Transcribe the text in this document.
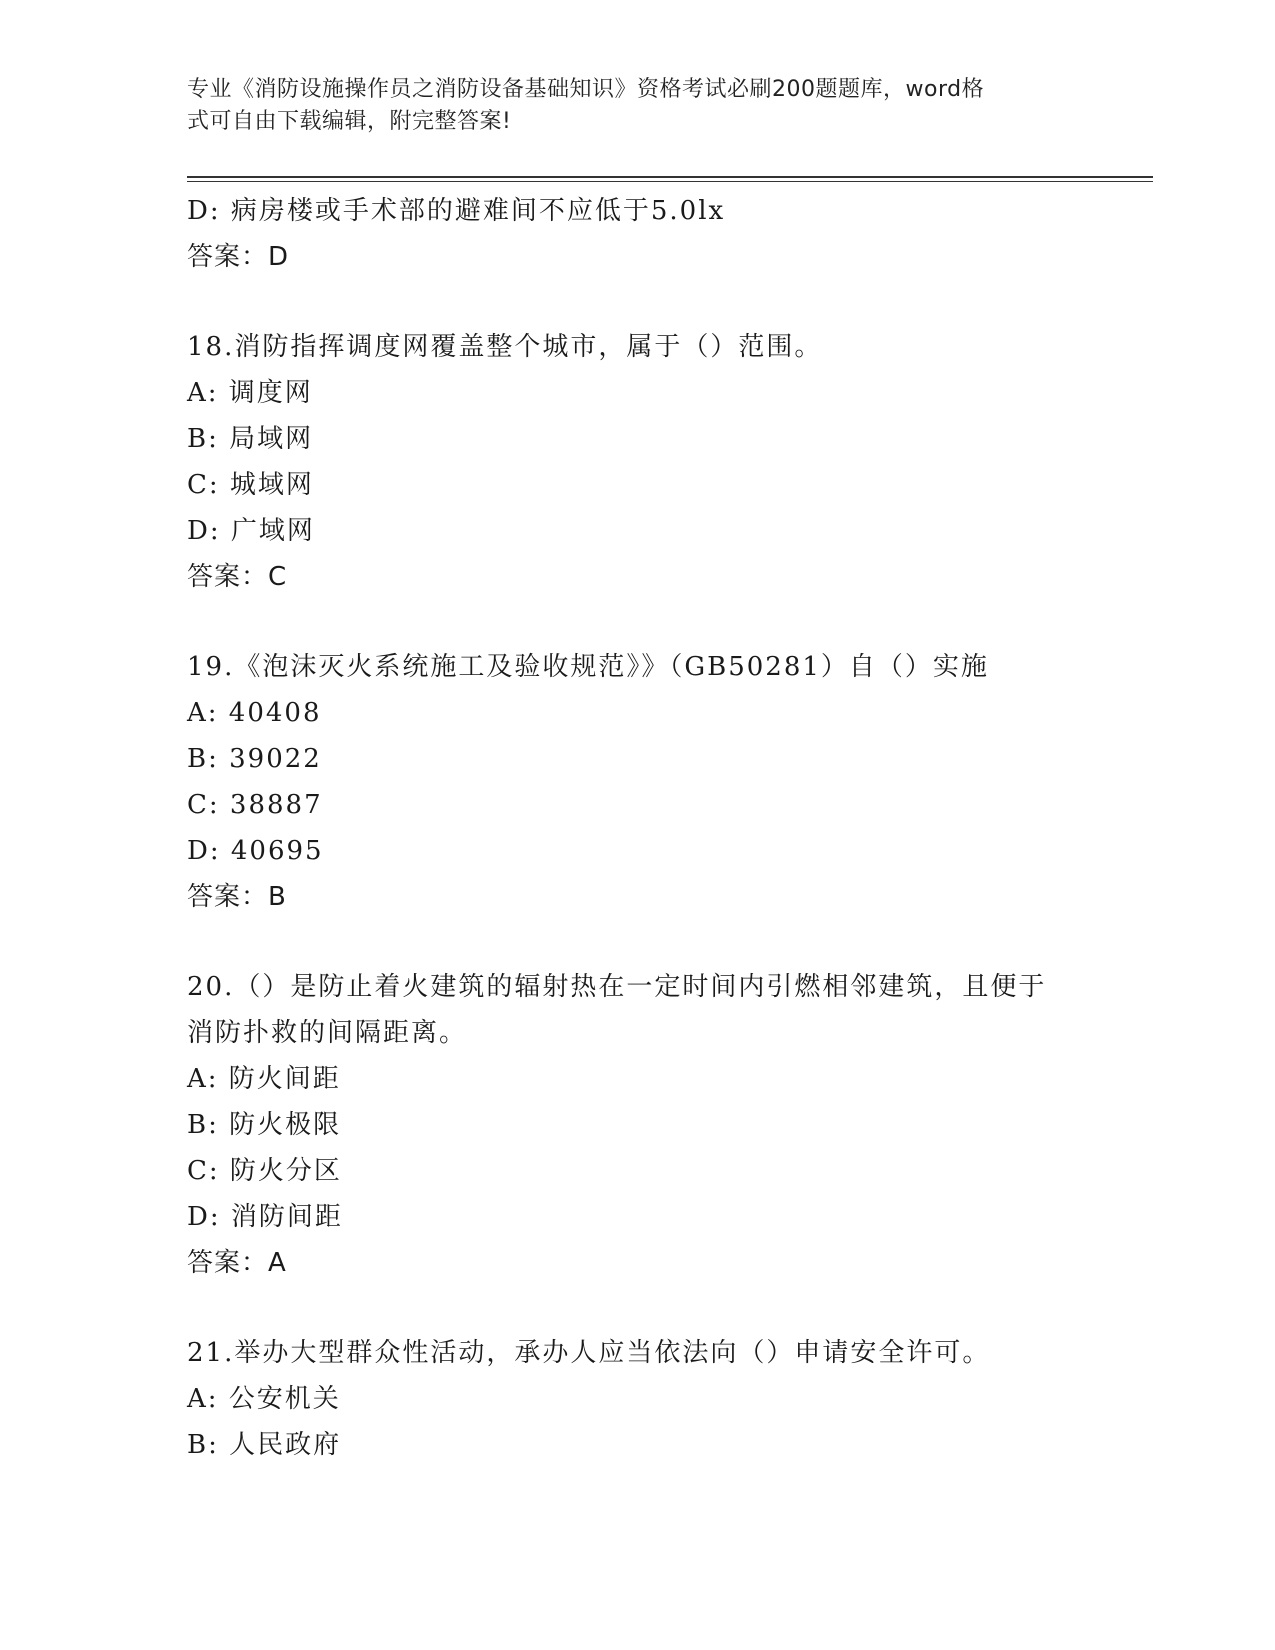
专业《消防设施操作员之消防设备基础知识》资格考试必刷200题题库，word格
式可自由下载编辑，附完整答案!
D: 病房楼或手术部的避难间不应低于5.0lx
答案：D
18.消防指挥调度网覆盖整个城市，属于（）范围。
A: 调度网
B: 局域网
C: 城域网
D: 广域网
答案：C
19.《泡沫灭火系统施工及验收规范》》（GB50281）自（）实施
A: 40408
B: 39022
C: 38887
D: 40695
答案：B
20.（）是防止着火建筑的辐射热在一定时间内引燃相邻建筑，且便于
消防扑救的间隔距离。
A: 防火间距
B: 防火极限
C: 防火分区
D: 消防间距
答案：A
21.举办大型群众性活动，承办人应当依法向（）申请安全许可。
A: 公安机关
B: 人民政府
